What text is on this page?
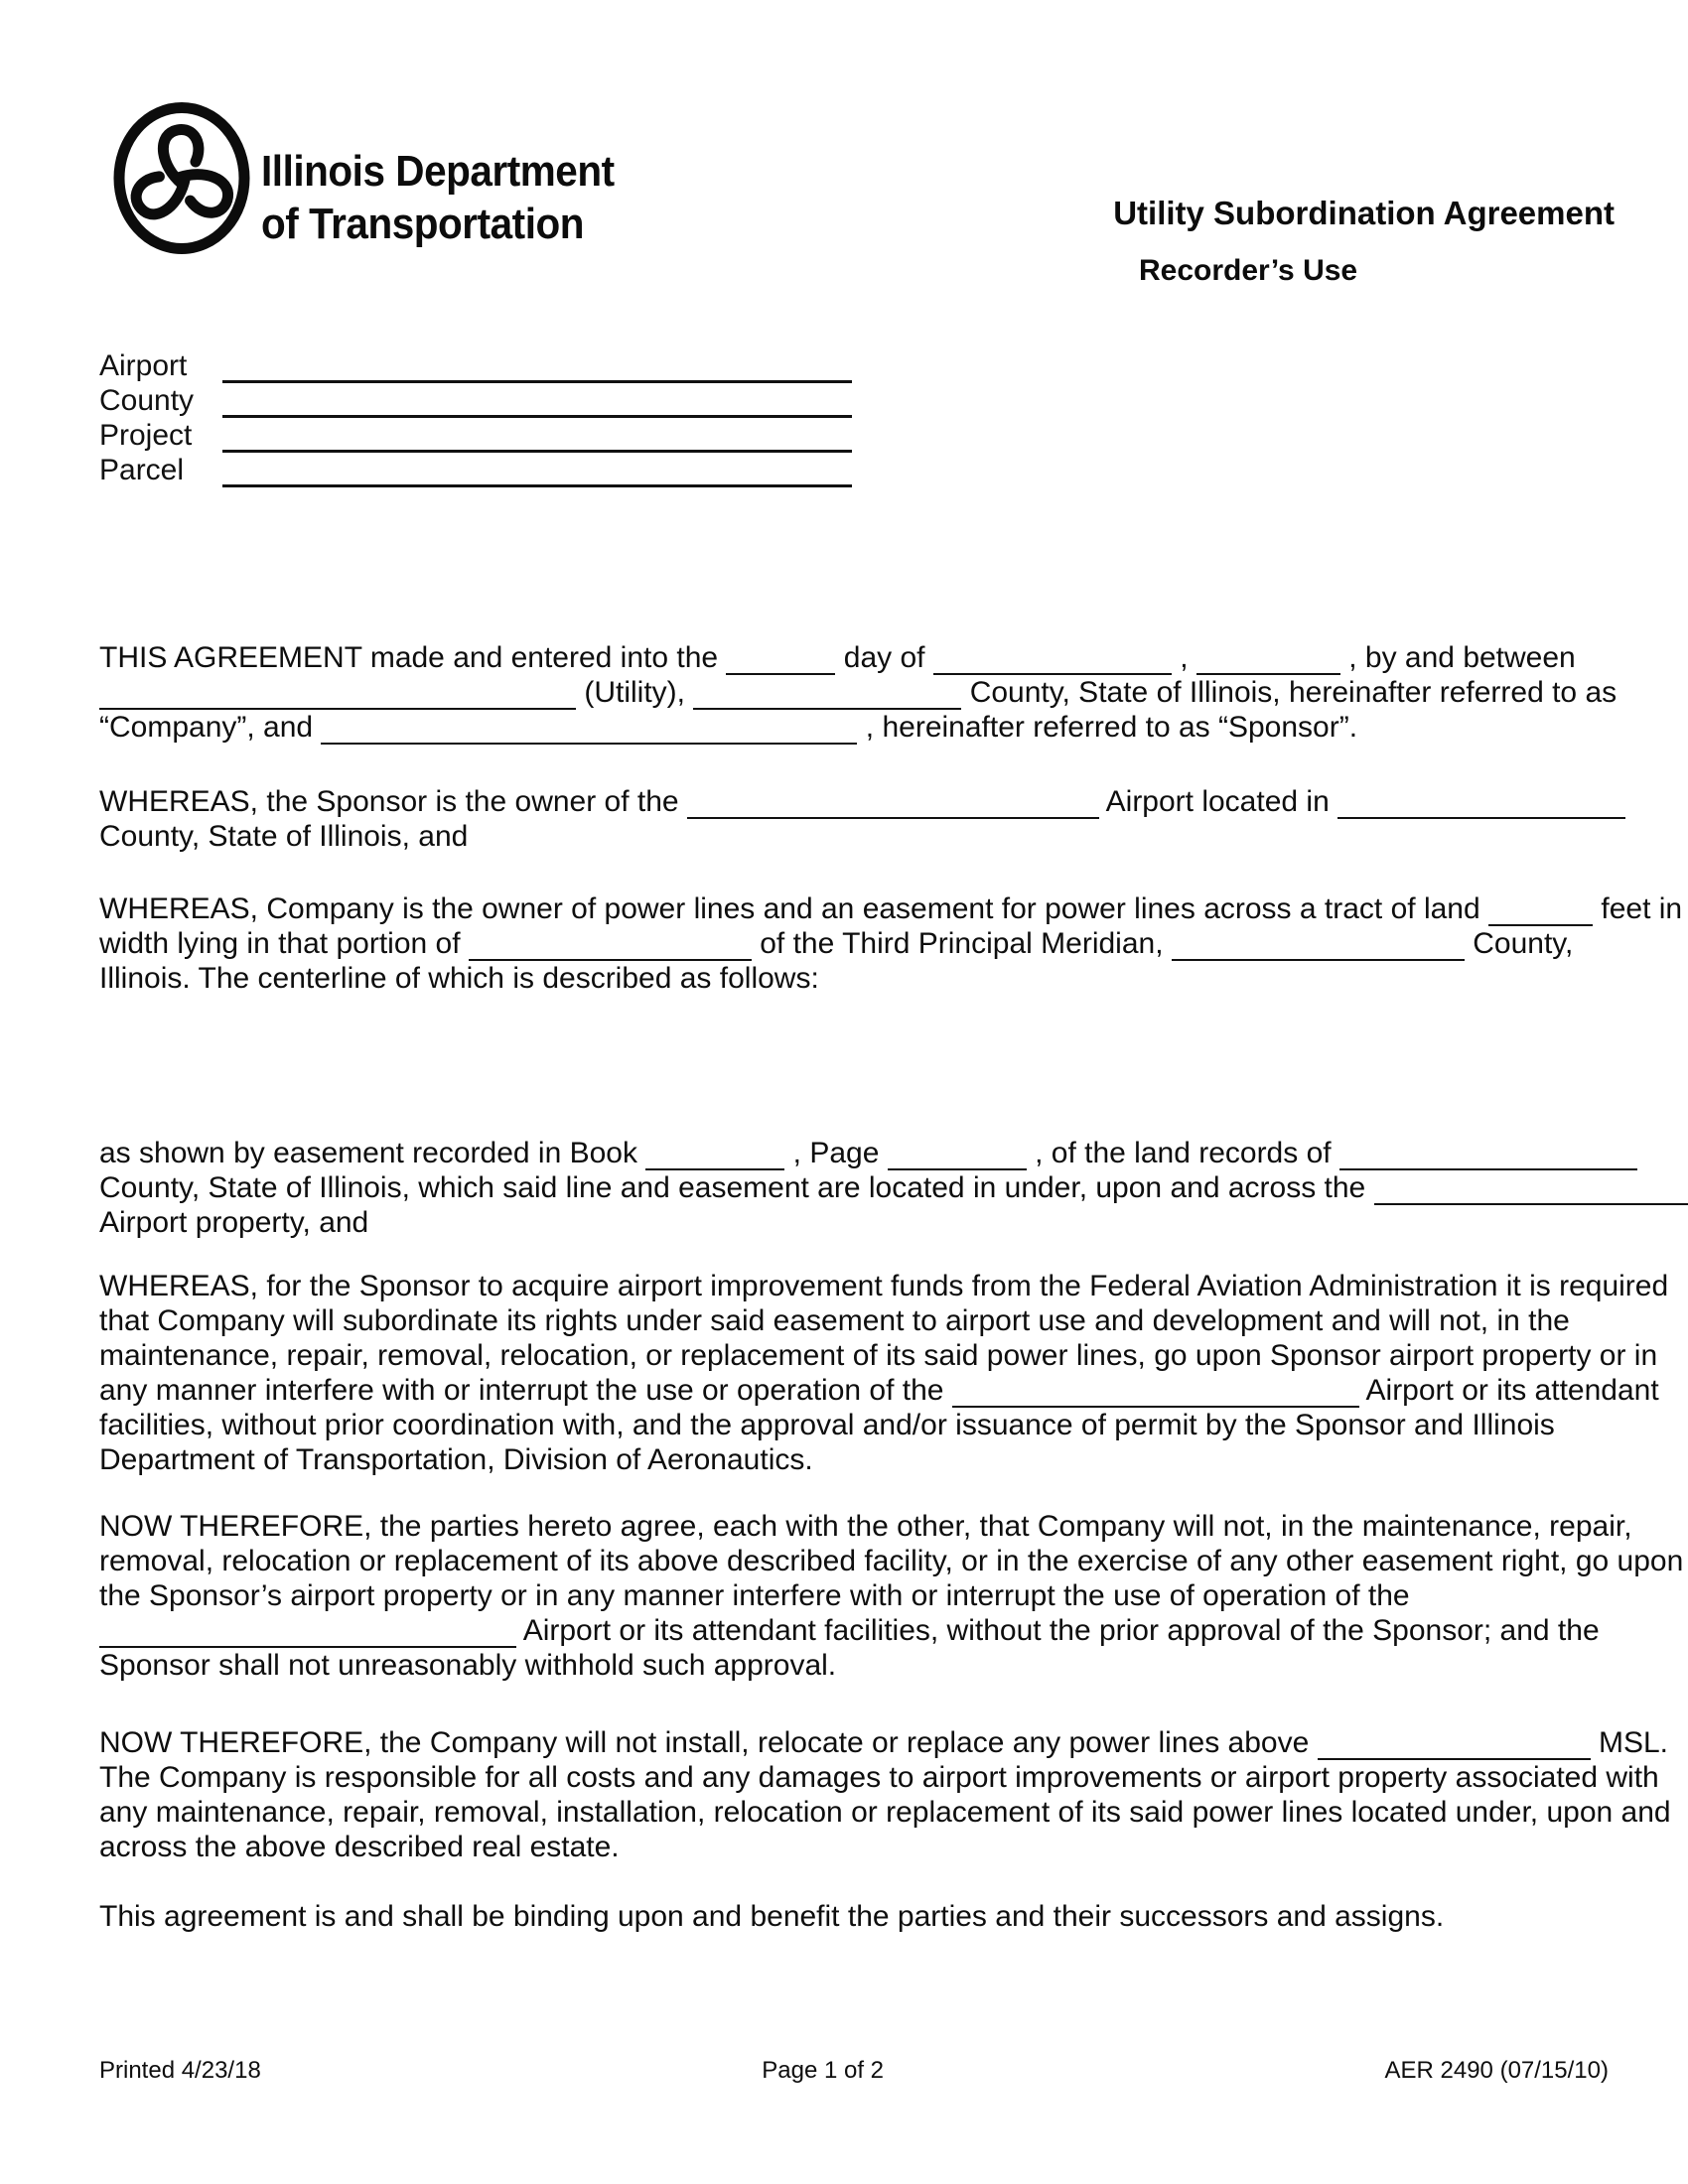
Illinois Department
of Transportation	Utility Subordination Agreement
Recorder’s Use
Airport
County
Project
Parcel
THIS AGREEMENT made and entered into the	day of	,	, by and between
(Utility),	County, State of Illinois, hereinafter referred to as
“Company”, and	, hereinafter referred to as “Sponsor”.
WHEREAS, the Sponsor is the owner of the	Airport located in
County, State of Illinois, and
WHEREAS, Company is the owner of power lines and an easement for power lines across a tract of land	feet in
width lying in that portion of	of the Third Principal Meridian,	County,
Illinois. The centerline of which is described as follows:
as shown by easement recorded in Book	, Page	, of the land records of
County, State of Illinois, which said line and easement are located in under, upon and across the
Airport property, and
WHEREAS, for the Sponsor to acquire airport improvement funds from the Federal Aviation Administration it is required
that Company will subordinate its rights under said easement to airport use and development and will not, in the
maintenance, repair, removal, relocation, or replacement of its said power lines, go upon Sponsor airport property or in
any manner interfere with or interrupt the use or operation of the	Airport or its attendant
facilities, without prior coordination with, and the approval and/or issuance of permit by the Sponsor and Illinois
Department of Transportation, Division of Aeronautics.
NOW THEREFORE, the parties hereto agree, each with the other, that Company will not, in the maintenance, repair,
removal, relocation or replacement of its above described facility, or in the exercise of any other easement right, go upon
the Sponsor’s airport property or in any manner interfere with or interrupt the use of operation of the
Airport or its attendant facilities, without the prior approval of the Sponsor; and the
Sponsor shall not unreasonably withhold such approval.
NOW THEREFORE, the Company will not install, relocate or replace any power lines above	MSL.
The Company is responsible for all costs and any damages to airport improvements or airport property associated with
any maintenance, repair, removal, installation, relocation or replacement of its said power lines located under, upon and
across the above described real estate.
This agreement is and shall be binding upon and benefit the parties and their successors and assigns.
Printed 4/23/18	Page 1 of 2	AER 2490 (07/15/10)
